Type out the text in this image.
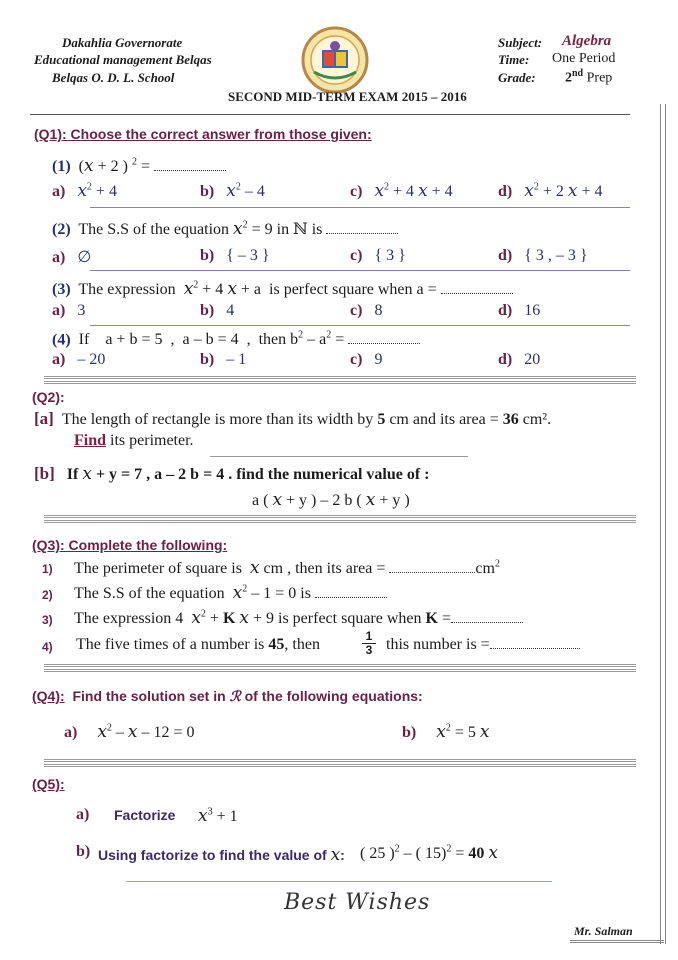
Dakahlia Governorate
Educational management Belqas
Belqas O. D. L. School
Subject: Algebra
Time: One Period
Grade: 2nd Prep
SECOND MID-TERM EXAM 2015 – 2016
(Q1): Choose the correct answer from those given:
(1) (x + 2 ) $^2$ =
a) $x^2 + 4$	b) $x^2 - 4$	c) $x^2 + 4$ x + 4	d) $x^2 + 2$ x + 4
(2) The S.S of the equation $x^2 = 9$ in ℕ is
a) ∅	b) { – 3 }	c) { 3 }	d) { 3 , – 3 }
(3) The expression  $x^2 + 4$ x + a  is perfect square when a =
a) 3	b) 4	c) 8	d) 16
(4) If    a + b = 5  ,  a – b = 4  ,  then $b^2 - a^2$ =
a) – 20	b) – 1	c) 9	d) 20
(Q2):
[a] The length of rectangle is more than its width by 5 cm and its area = 36 cm².
Find its perimeter.
[b]   If x + y = 7 , a – 2 b = 4 . find the numerical value of :
a ( x + y ) – 2 b ( x + y )
(Q3): Complete the following:
1) The perimeter of square is  x cm , then its area =	$cm^2$
2) The S.S of the equation  $x^2 - 1 = 0$ is
3) The expression 4  $x^2 + K$ x + 9 is perfect square when K =
4) The five times of a number is 45, then	1
3 this number is =
(Q4):  Find the solution set in ℛ of the following equations:
a) $x^2 - x - 12 = 0$	b) $x^2 = 5$ x
(Q5):
a) Factorize $x^3 + 1$
b) Using factorize to find the value of x: ( 25 )$^2$ – ( 15)$^2$ = 40 x
Best Wishes
Mr. Salman
